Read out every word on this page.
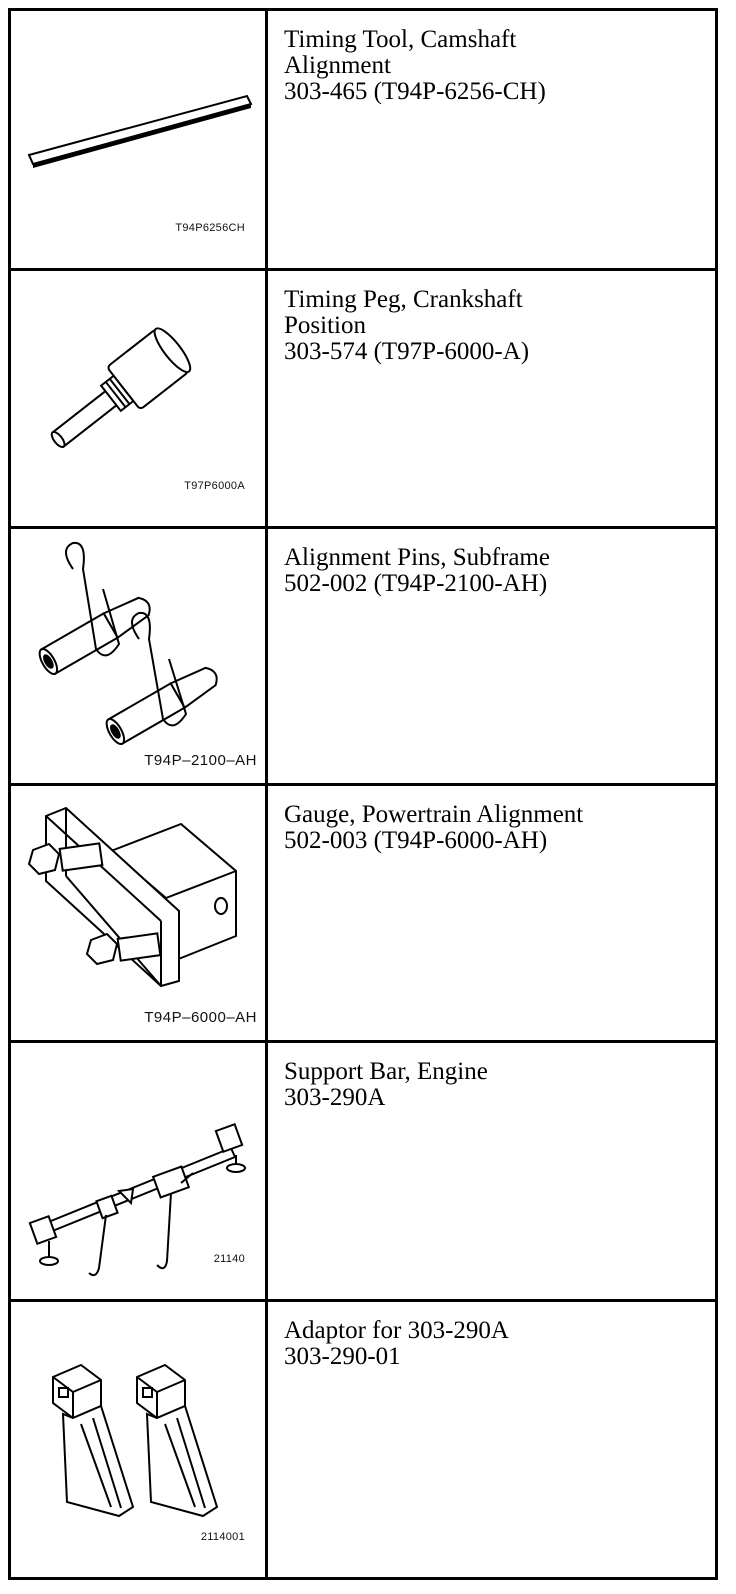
T94P6256CH
Timing Tool, Camshaft
Alignment
303-465 (T94P-6256-CH)
T97P6000A
Timing Peg, Crankshaft
Position
303-574 (T97P-6000-A)
T94P–2100–AH
Alignment Pins, Subframe
502-002 (T94P-2100-AH)
T94P–6000–AH
Gauge, Powertrain Alignment
502-003 (T94P-6000-AH)
21140
Support Bar, Engine
303-290A
2114001
Adaptor for 303-290A
303-290-01
